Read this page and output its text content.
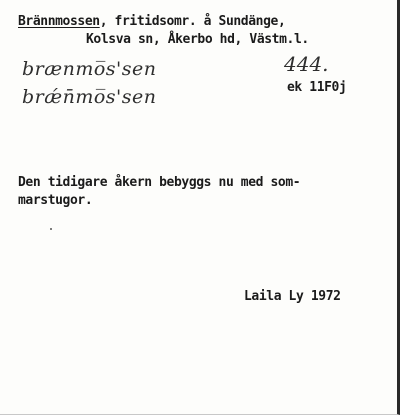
Brännmossen, fritidsomr. å Sundänge,
Kolsva sn, Åkerbo hd, Västm.l.
brænmo̅s'sen
brǽn̄mo̅s'sen
444.
ek 11F0j
Den tidigare åkern bebyggs nu med som-
marstugor.
Laila Ly 1972
